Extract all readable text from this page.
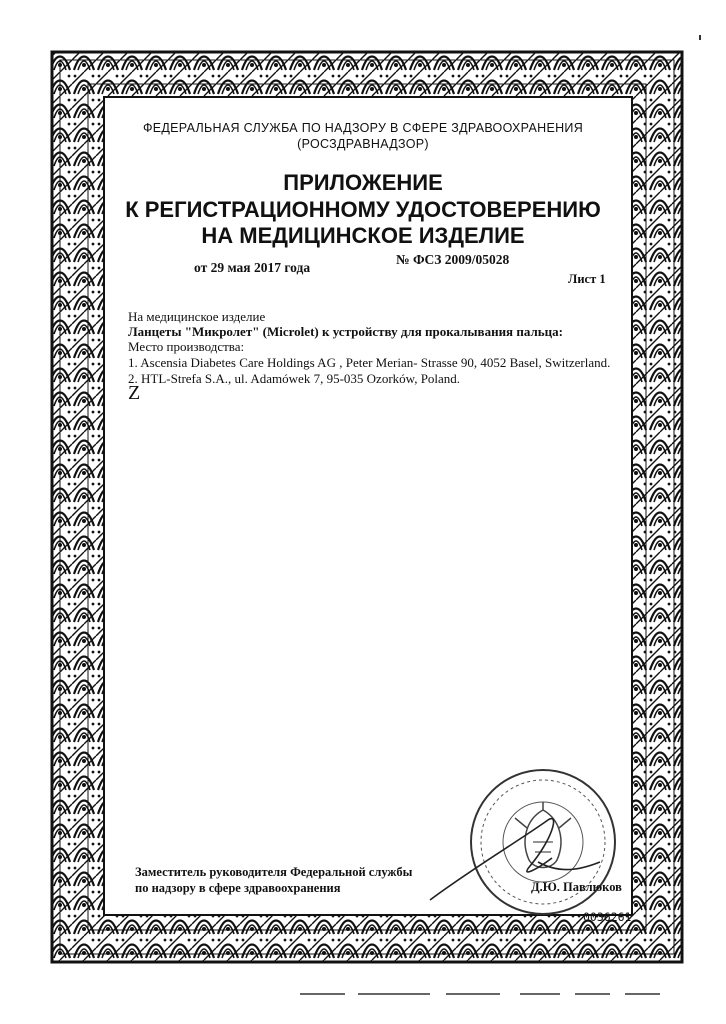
ФЕДЕРАЛЬНАЯ СЛУЖБА ПО НАДЗОРУ В СФЕРЕ ЗДРАВООХРАНЕНИЯ
(РОСЗДРАВНАДЗОР)
ПРИЛОЖЕНИЕ
К РЕГИСТРАЦИОННОМУ УДОСТОВЕРЕНИЮ
НА МЕДИЦИНСКОЕ ИЗДЕЛИЕ
от 29 мая 2017 года
№ ФСЗ 2009/05028
Лист 1
На медицинское изделие
Ланцеты "Микролет" (Microlet) к устройству для прокалывания пальца:
Место производства:
1. Ascensia Diabetes Care Holdings AG , Peter Merian- Strasse 90, 4052 Basel, Switzerland.
2. HTL-Strefa S.A., ul. Adamówek 7, 95-035 Ozorków, Poland.
Z
Заместитель руководителя Федеральной службы
по надзору в сфере здравоохранения	Д.Ю. Павлюков
0036261
